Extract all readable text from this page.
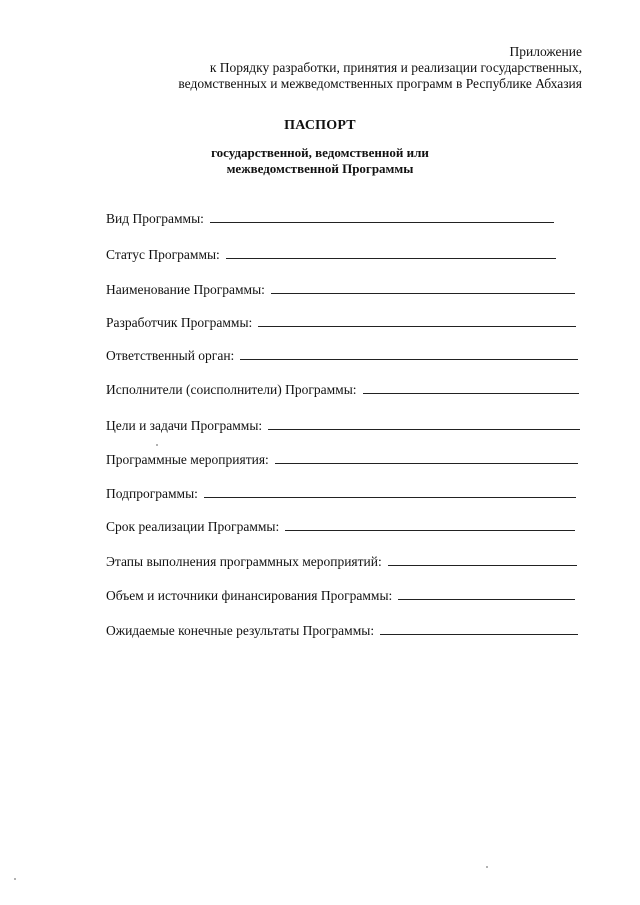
Приложение
к Порядку разработки, принятия и реализации государственных,
ведомственных и межведомственных программ в Республике Абхазия
ПАСПОРТ
государственной, ведомственной или
межведомственной Программы
Вид Программы:
Статус Программы:
Наименование Программы:
Разработчик Программы:
Ответственный орган:
Исполнители (соисполнители) Программы:
Цели и задачи Программы:
Программные мероприятия:
Подпрограммы:
Срок реализации Программы:
Этапы выполнения программных мероприятий:
Объем и источники финансирования Программы:
Ожидаемые конечные результаты Программы:
